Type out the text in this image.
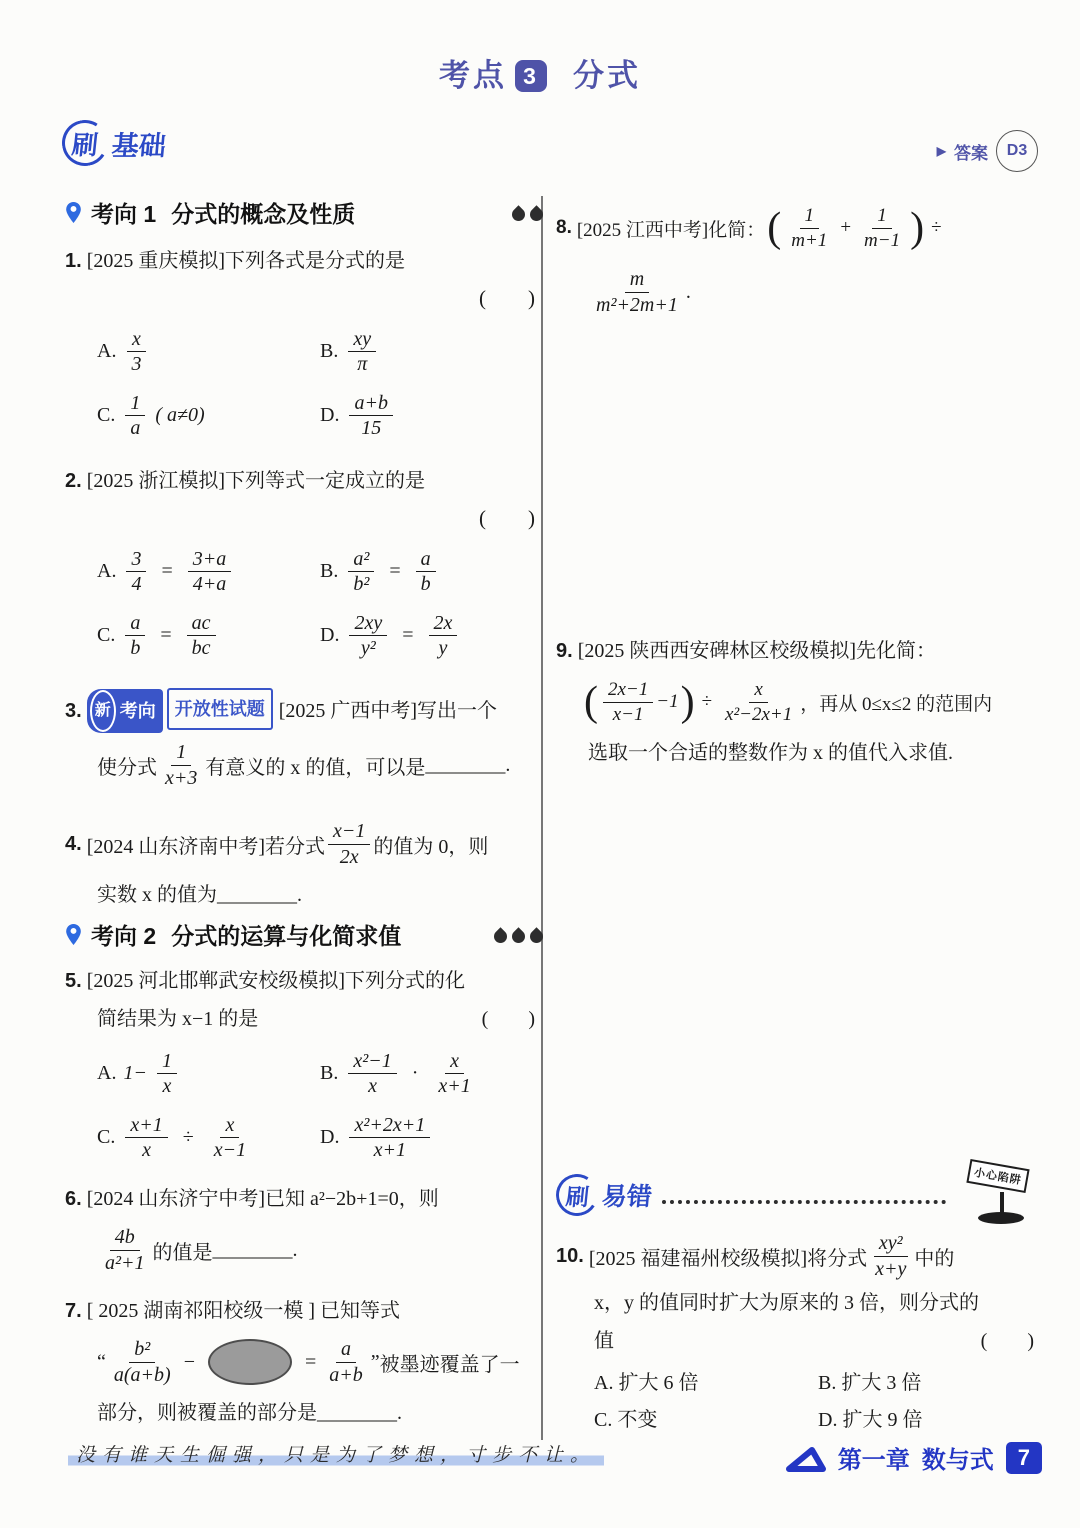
考点 3 分式
刷 基础	▶ 答案	D3
考向 1 分式的概念及性质
1. [2025 重庆模拟]下列各式是分式的是
(        )
A. $\frac{x}{3}$	B. $\frac{xy}{\pi}$
C. $\frac{1}{a}$ ( a≠0)	D. $\frac{a+b}{15}$
2. [2025 浙江模拟]下列等式一定成立的是
(        )
A. $\frac{3}{4} = \frac{3+a}{4+a}$	B. $\frac{\text{a²}}{\text{b²}} = \frac{a}{b}$
C. $\frac{a}{b} = \frac{ac}{bc}$	D. $\frac{2xy}{\text{y²}} = \frac{2x}{y}$
3. 新 考向 开放性试题 [2025 广西中考]写出一个
使分式 $\frac{1}{x+3}$ 有意义的 x 的值，可以是 ________.
4. [2024 山东济南中考]若分式 $\frac{x-1}{2x}$ 的值为 0，则
实数 x 的值为________.
考向 2 分式的运算与化简求值
5. [2025 河北邯郸武安校级模拟]下列分式的化
简结果为 x−1 的是	(        )
A. $1- \frac{1}{x}$	B. $\frac{\text{x²−1}}{x} \cdot \frac{x}{x+1}$
C. $\frac{x+1}{x} \div \frac{x}{x-1}$	D. $\frac{\text{x²+2x+1}}{x+1}$
6. [2024 山东济宁中考]已知 a²−2b+1=0，则
$\frac{4b}{\text{a²+1}}$ 的值是 ________.
7. [ 2025 湖南祁阳校级一模 ] 已知等式
“ $\frac{\text{b²}}{a(a+b)}$ −	= $\frac{a}{a+b}$ ” 被墨迹覆盖了一
部分，则被覆盖的部分是________.
没有谁天生倔强，只是为了梦想，寸步不让。
8. [2025 江西中考]化简： ( $\frac{1}{m+1} + \frac{1}{m-1}$ ) ÷
$\frac{m}{\text{m²+2m+1}}$ .
9. [2025 陕西西安碑林区校级模拟]先化简：
( $\frac{2x-1}{x-1} -1$ ) ÷ $\frac{x}{\text{x²−2x+1}}$ ，再从 0≤x≤2 的范围内
选取一个合适的整数作为 x 的值代入求值.
刷 易错
小心陷阱
10. [2025 福建福州校级模拟]将分式 $\frac{\text{xy²}}{x+y}$ 中的
x，y 的值同时扩大为原来的 3 倍，则分式的
值	(        )
A. 扩大 6 倍	B. 扩大 3 倍
C. 不变	D. 扩大 9 倍
第一章 数与式	7
